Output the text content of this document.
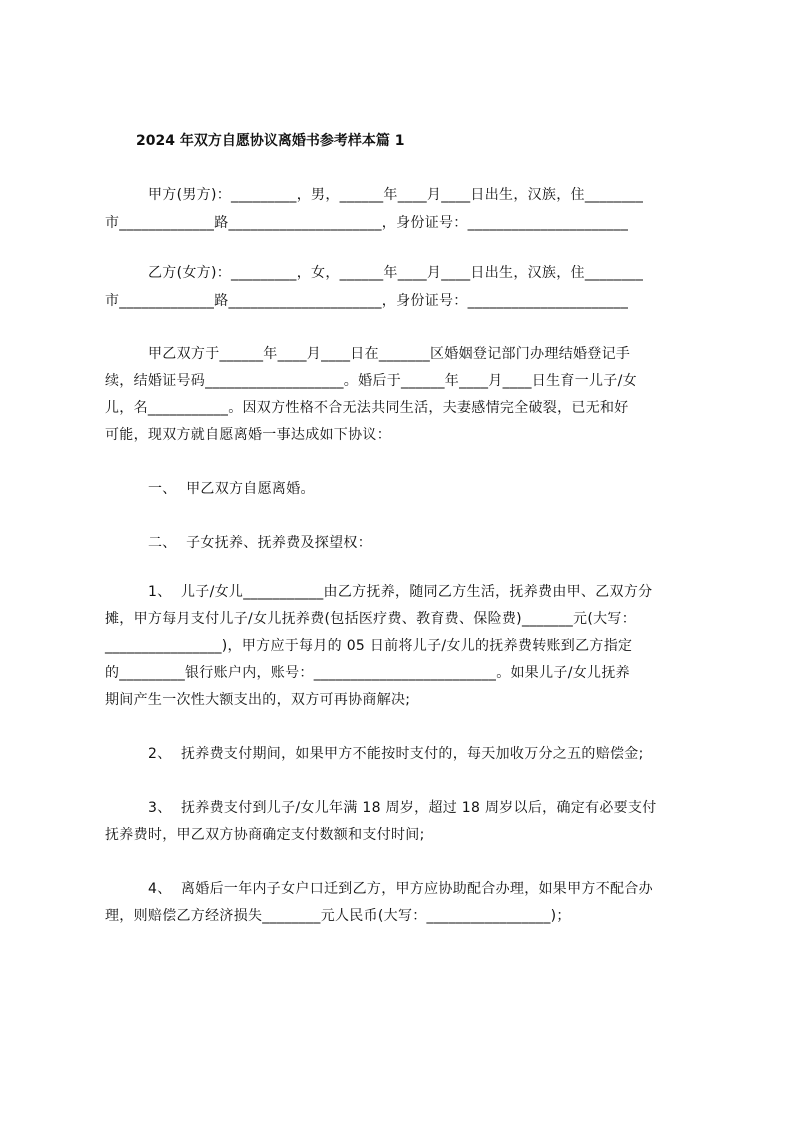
2024 年双方自愿协议离婚书参考样本篇 1
甲方(男方)：_________，男，______年____月____日出生，汉族，住________
市_____________路_____________________，身份证号：______________________
乙方(女方)：_________，女，______年____月____日出生，汉族，住________
市_____________路_____________________，身份证号：______________________
甲乙双方于______年____月____日在_______区婚姻登记部门办理结婚登记手
续，结婚证号码___________________。婚后于______年____月____日生育一儿子/女
儿，名___________。因双方性格不合无法共同生活，夫妻感情完全破裂，已无和好
可能，现双方就自愿离婚一事达成如下协议：
一、  甲乙双方自愿离婚。
二、  子女抚养、抚养费及探望权：
1、  儿子/女儿___________由乙方抚养，随同乙方生活，抚养费由甲、乙双方分
摊，甲方每月支付儿子/女儿抚养费(包括医疗费、教育费、保险费)_______元(大写：
________________)，甲方应于每月的 05 日前将儿子/女儿的抚养费转账到乙方指定
的_________银行账户内，账号：_________________________。如果儿子/女儿抚养
期间产生一次性大额支出的，双方可再协商解决;
2、  抚养费支付期间，如果甲方不能按时支付的，每天加收万分之五的赔偿金;
3、  抚养费支付到儿子/女儿年满 18 周岁，超过 18 周岁以后，确定有必要支付
抚养费时，甲乙双方协商确定支付数额和支付时间;
4、  离婚后一年内子女户口迁到乙方，甲方应协助配合办理，如果甲方不配合办
理，则赔偿乙方经济损失________元人民币(大写：_________________)；
